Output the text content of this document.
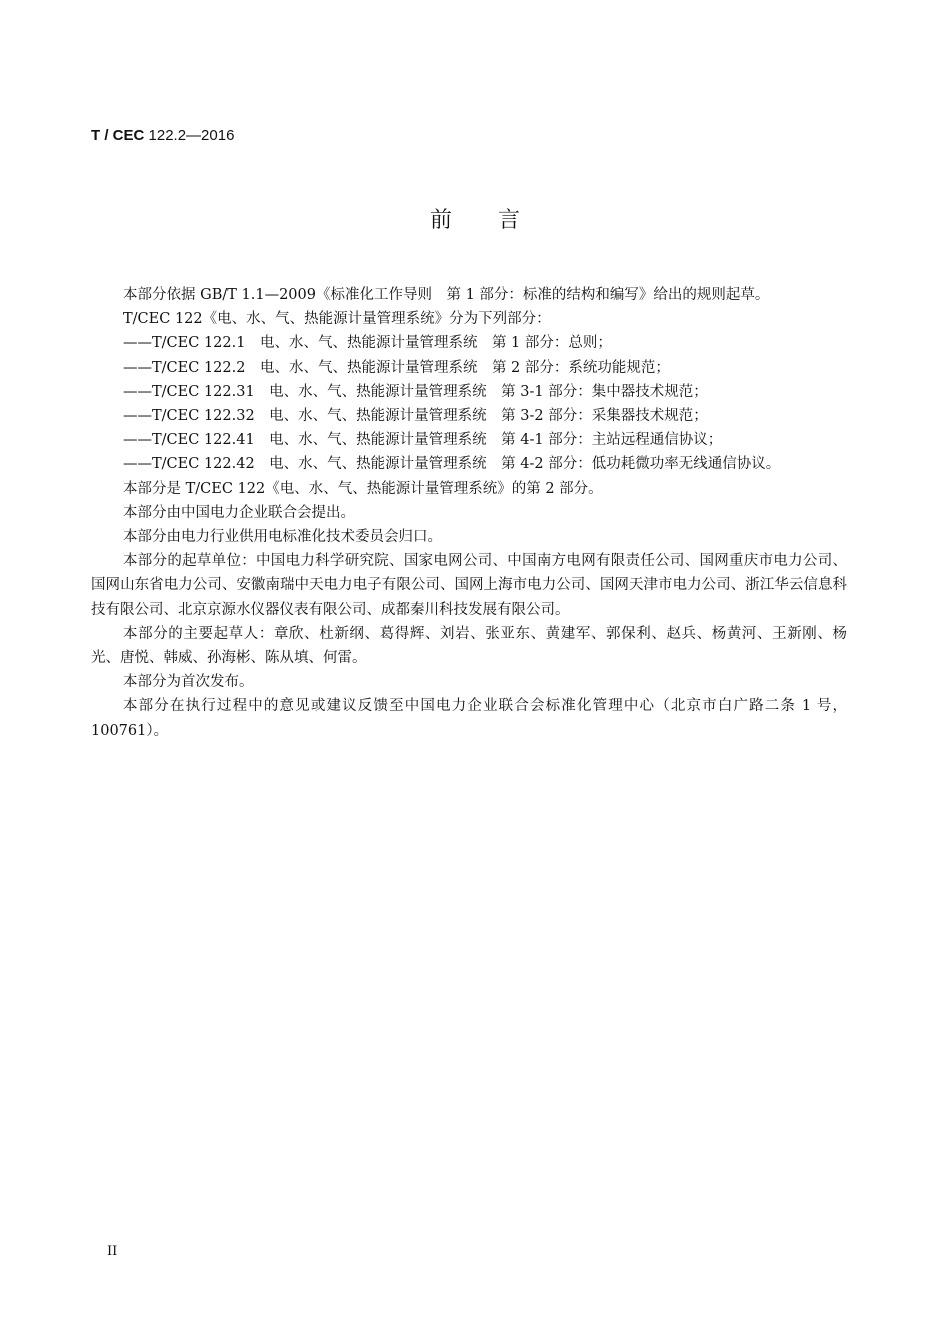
T / CEC 122.2—2016
前言

本部分依据 GB/T 1.1—2009《标准化工作导则　第 1 部分：标准的结构和编写》给出的规则起草。

T/CEC 122《电、水、气、热能源计量管理系统》分为下列部分：

——T/CEC 122.1　电、水、气、热能源计量管理系统　第 1 部分：总则；

——T/CEC 122.2　电、水、气、热能源计量管理系统　第 2 部分：系统功能规范；

——T/CEC 122.31　电、水、气、热能源计量管理系统　第 3-1 部分：集中器技术规范；

——T/CEC 122.32　电、水、气、热能源计量管理系统　第 3-2 部分：采集器技术规范；

——T/CEC 122.41　电、水、气、热能源计量管理系统　第 4-1 部分：主站远程通信协议；

——T/CEC 122.42　电、水、气、热能源计量管理系统　第 4-2 部分：低功耗微功率无线通信协议。

本部分是 T/CEC 122《电、水、气、热能源计量管理系统》的第 2 部分。

本部分由中国电力企业联合会提出。

本部分由电力行业供用电标准化技术委员会归口。

本部分的起草单位：中国电力科学研究院、国家电网公司、中国南方电网有限责任公司、国网重庆市电力公司、国网山东省电力公司、安徽南瑞中天电力电子有限公司、国网上海市电力公司、国网天津市电力公司、浙江华云信息科技有限公司、北京京源水仪器仪表有限公司、成都秦川科技发展有限公司。

本部分的主要起草人：章欣、杜新纲、葛得辉、刘岩、张亚东、黄建军、郭保利、赵兵、杨黄河、王新刚、杨光、唐悦、韩威、孙海彬、陈从填、何雷。

本部分为首次发布。

本部分在执行过程中的意见或建议反馈至中国电力企业联合会标准化管理中心（北京市白广路二条 1 号，100761）。

II
